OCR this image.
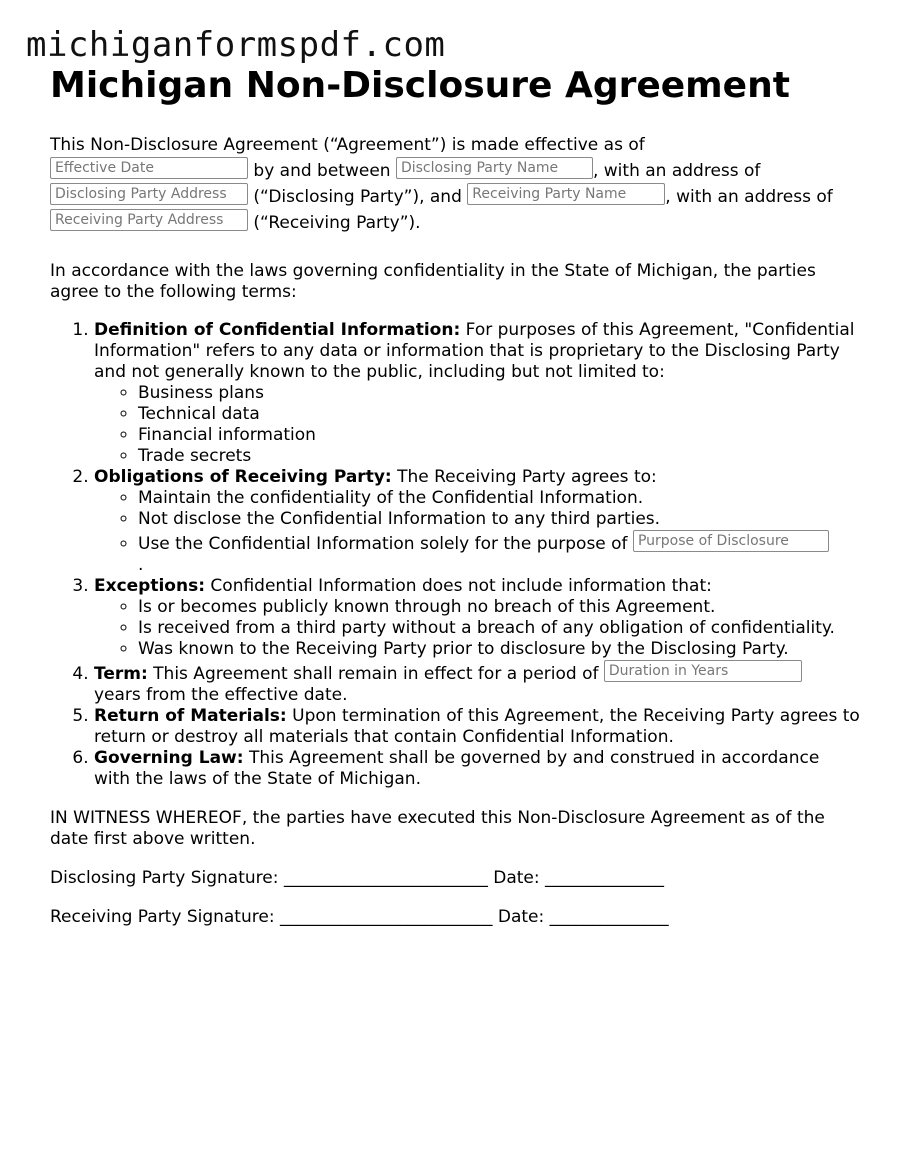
michiganformspdf.com
Michigan Non-Disclosure Agreement

This Non-Disclosure Agreement (“Agreement”) is made effective as of
Effective Date	by and between Disclosing Party Name , with an address of
Disclosing Party Address (“Disclosing Party”), and Receiving Party Name , with an address of
Receiving Party Address (“Receiving Party”).

In accordance with the laws governing confidentiality in the State of Michigan, the parties agree to the following terms:

1. Definition of Confidential Information: For purposes of this Agreement, "Confidential Information" refers to any data or information that is proprietary to the Disclosing Party and not generally known to the public, including but not limited to:
◦ Business plans
◦ Technical data
◦ Financial information
◦ Trade secrets
2. Obligations of Receiving Party: The Receiving Party agrees to:
◦ Maintain the confidentiality of the Confidential Information.
◦ Not disclose the Confidential Information to any third parties.
◦ Use the Confidential Information solely for the purpose of Purpose of Disclosure
.
3. Exceptions: Confidential Information does not include information that:
◦ Is or becomes publicly known through no breach of this Agreement.
◦ Is received from a third party without a breach of any obligation of confidentiality.
◦ Was known to the Receiving Party prior to disclosure by the Disclosing Party.
4. Term: This Agreement shall remain in effect for a period of Duration in Years
years from the effective date.
5. Return of Materials: Upon termination of this Agreement, the Receiving Party agrees to return or destroy all materials that contain Confidential Information.
6. Governing Law: This Agreement shall be governed by and construed in accordance with the laws of the State of Michigan.

IN WITNESS WHEREOF, the parties have executed this Non-Disclosure Agreement as of the date first above written.

Disclosing Party Signature: ________________________ Date: ______________

Receiving Party Signature: _________________________ Date: ______________
